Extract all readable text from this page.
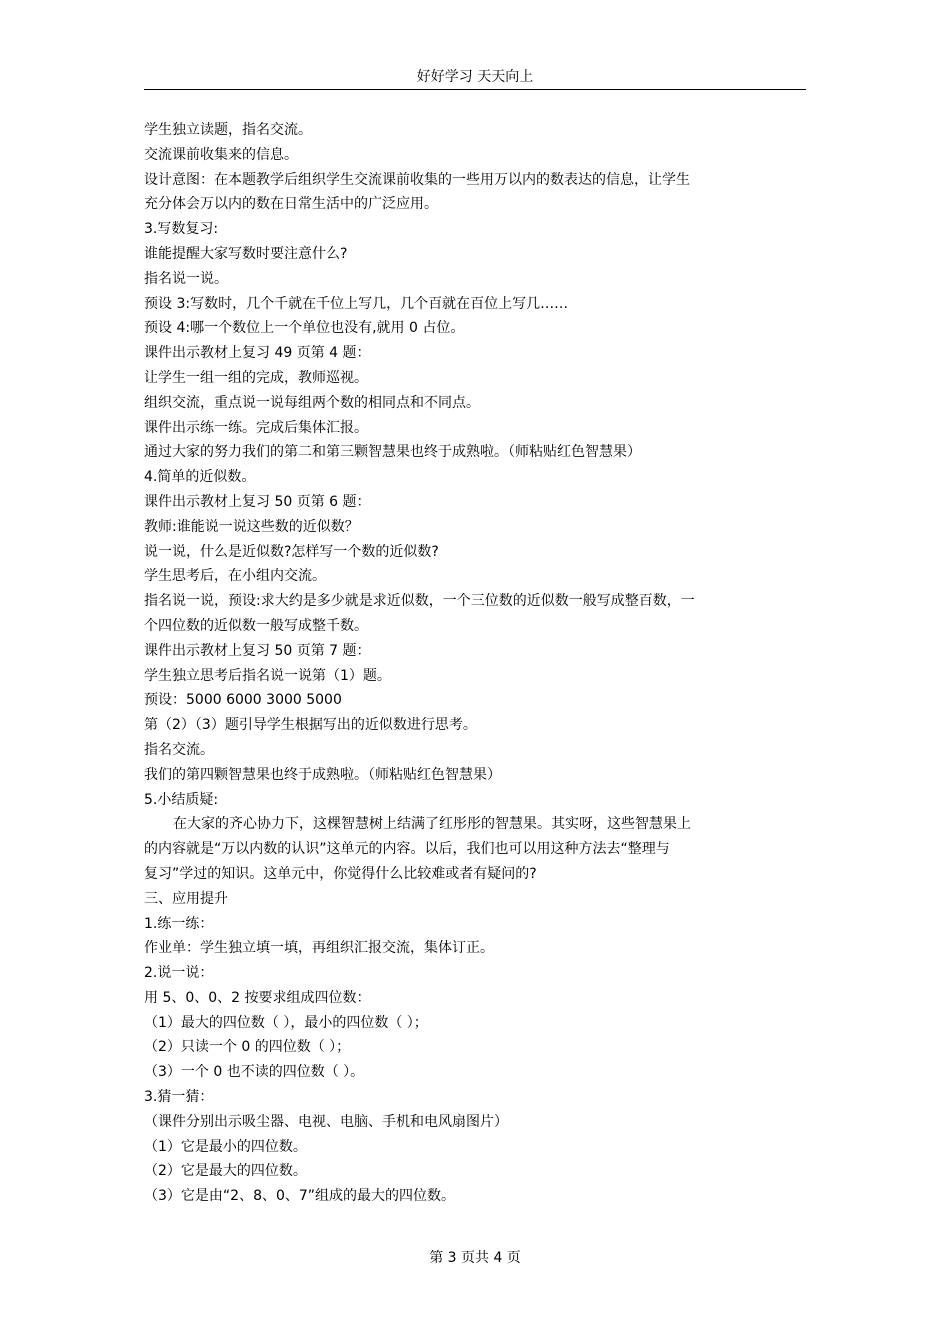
好好学习 天天向上
学生独立读题，指名交流。
交流课前收集来的信息。
设计意图：在本题教学后组织学生交流课前收集的一些用万以内的数表达的信息，让学生
充分体会万以内的数在日常生活中的广泛应用。
3.写数复习:
谁能提醒大家写数时要注意什么?
指名说一说。
预设 3:写数时，几个千就在千位上写几，几个百就在百位上写几……
预设 4:哪一个数位上一个单位也没有,就用 0 占位。
课件出示教材上复习 49 页第 4 题：
让学生一组一组的完成，教师巡视。
组织交流，重点说一说每组两个数的相同点和不同点。
课件出示练一练。完成后集体汇报。
通过大家的努力我们的第二和第三颗智慧果也终于成熟啦。（师粘贴红色智慧果）
4.简单的近似数。
课件出示教材上复习 50 页第 6 题：
教师:谁能说一说这些数的近似数？
说一说，什么是近似数?怎样写一个数的近似数?
学生思考后，在小组内交流。
指名说一说，预设:求大约是多少就是求近似数，一个三位数的近似数一般写成整百数，一
个四位数的近似数一般写成整千数。
课件出示教材上复习 50 页第 7 题：
学生独立思考后指名说一说第（1）题。
预设：5000 6000 3000 5000
第（2）（3）题引导学生根据写出的近似数进行思考。
指名交流。
我们的第四颗智慧果也终于成熟啦。（师粘贴红色智慧果）
5.小结质疑:
在大家的齐心协力下，这棵智慧树上结满了红彤彤的智慧果。其实呀，这些智慧果上
的内容就是“万以内数的认识”这单元的内容。以后，我们也可以用这种方法去“整理与
复习”学过的知识。这单元中，你觉得什么比较难或者有疑问的?
三、应用提升
1.练一练：
作业单：学生独立填一填，再组织汇报交流，集体订正。
2.说一说：
用 5、0、0、2 按要求组成四位数：
（1）最大的四位数（ ），最小的四位数（ ）；
（2）只读一个 0 的四位数（ ）；
（3）一个 0 也不读的四位数（ ）。
3.猜一猜：
（课件分别出示吸尘器、电视、电脑、手机和电风扇图片）
（1）它是最小的四位数。
（2）它是最大的四位数。
（3）它是由“2、8、0、7”组成的最大的四位数。
第 3 页共 4 页
